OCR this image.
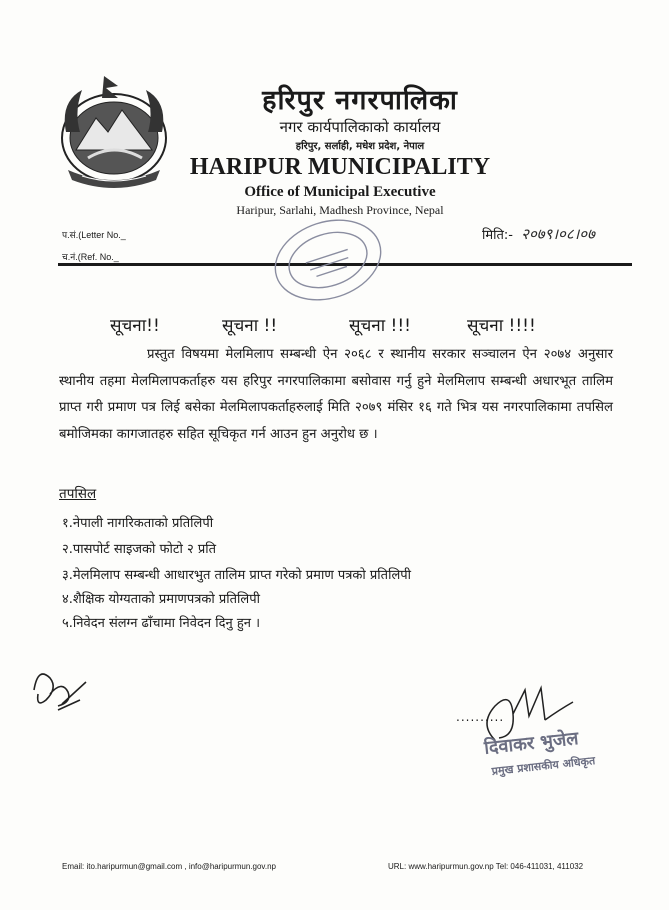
हरिपुर नगरपालिका
नगर कार्यपालिकाको कार्यालय
हरिपुर, सर्लाही, मधेश प्रदेश, नेपाल
HARIPUR MUNICIPALITY
Office of Municipal Executive
Haripur, Sarlahi, Madhesh Province, Nepal
प.सं.(Letter No._
च.नं.(Ref. No._
मिति:- २०७९।०८।०७
सूचना!!	सूचना !!	सूचना !!!	सूचना !!!!

प्रस्तुत विषयमा मेलमिलाप सम्बन्धी ऐन २०६८ र स्थानीय सरकार सञ्चालन ऐन २०७४ अनुसार स्थानीय तहमा मेलमिलापकर्ताहरु यस हरिपुर नगरपालिकामा बसोवास गर्नु हुने मेलमिलाप सम्बन्धी अधारभूत तालिम प्राप्त गरी प्रमाण पत्र लिई बसेका मेलमिलापकर्ताहरुलाई मिति २०७९ मंसिर १६ गते भित्र यस नगरपालिकामा तपसिल बमोजिमका कागजातहरु सहित सूचिकृत गर्न आउन हुन अनुरोध छ ।

तपसिल
१.नेपाली नागरिकताको प्रतिलिपी
२.पासपोर्ट साइजको फोटो २ प्रति
३.मेलमिलाप सम्बन्धी आधारभुत तालिम प्राप्त गरेको प्रमाण पत्रको प्रतिलिपी
४.शैक्षिक योग्यताको प्रमाणपत्रको प्रतिलिपी
५.निवेदन संलग्न ढाँचामा निवेदन दिनु हुन ।
..........
दिवाकर भुजेल
प्रमुख प्रशासकीय अधिकृत
Email: ito.haripurmun@gmail.com , info@haripurmun.gov.np	URL: www.haripurmun.gov.np Tel: 046-411031, 411032
